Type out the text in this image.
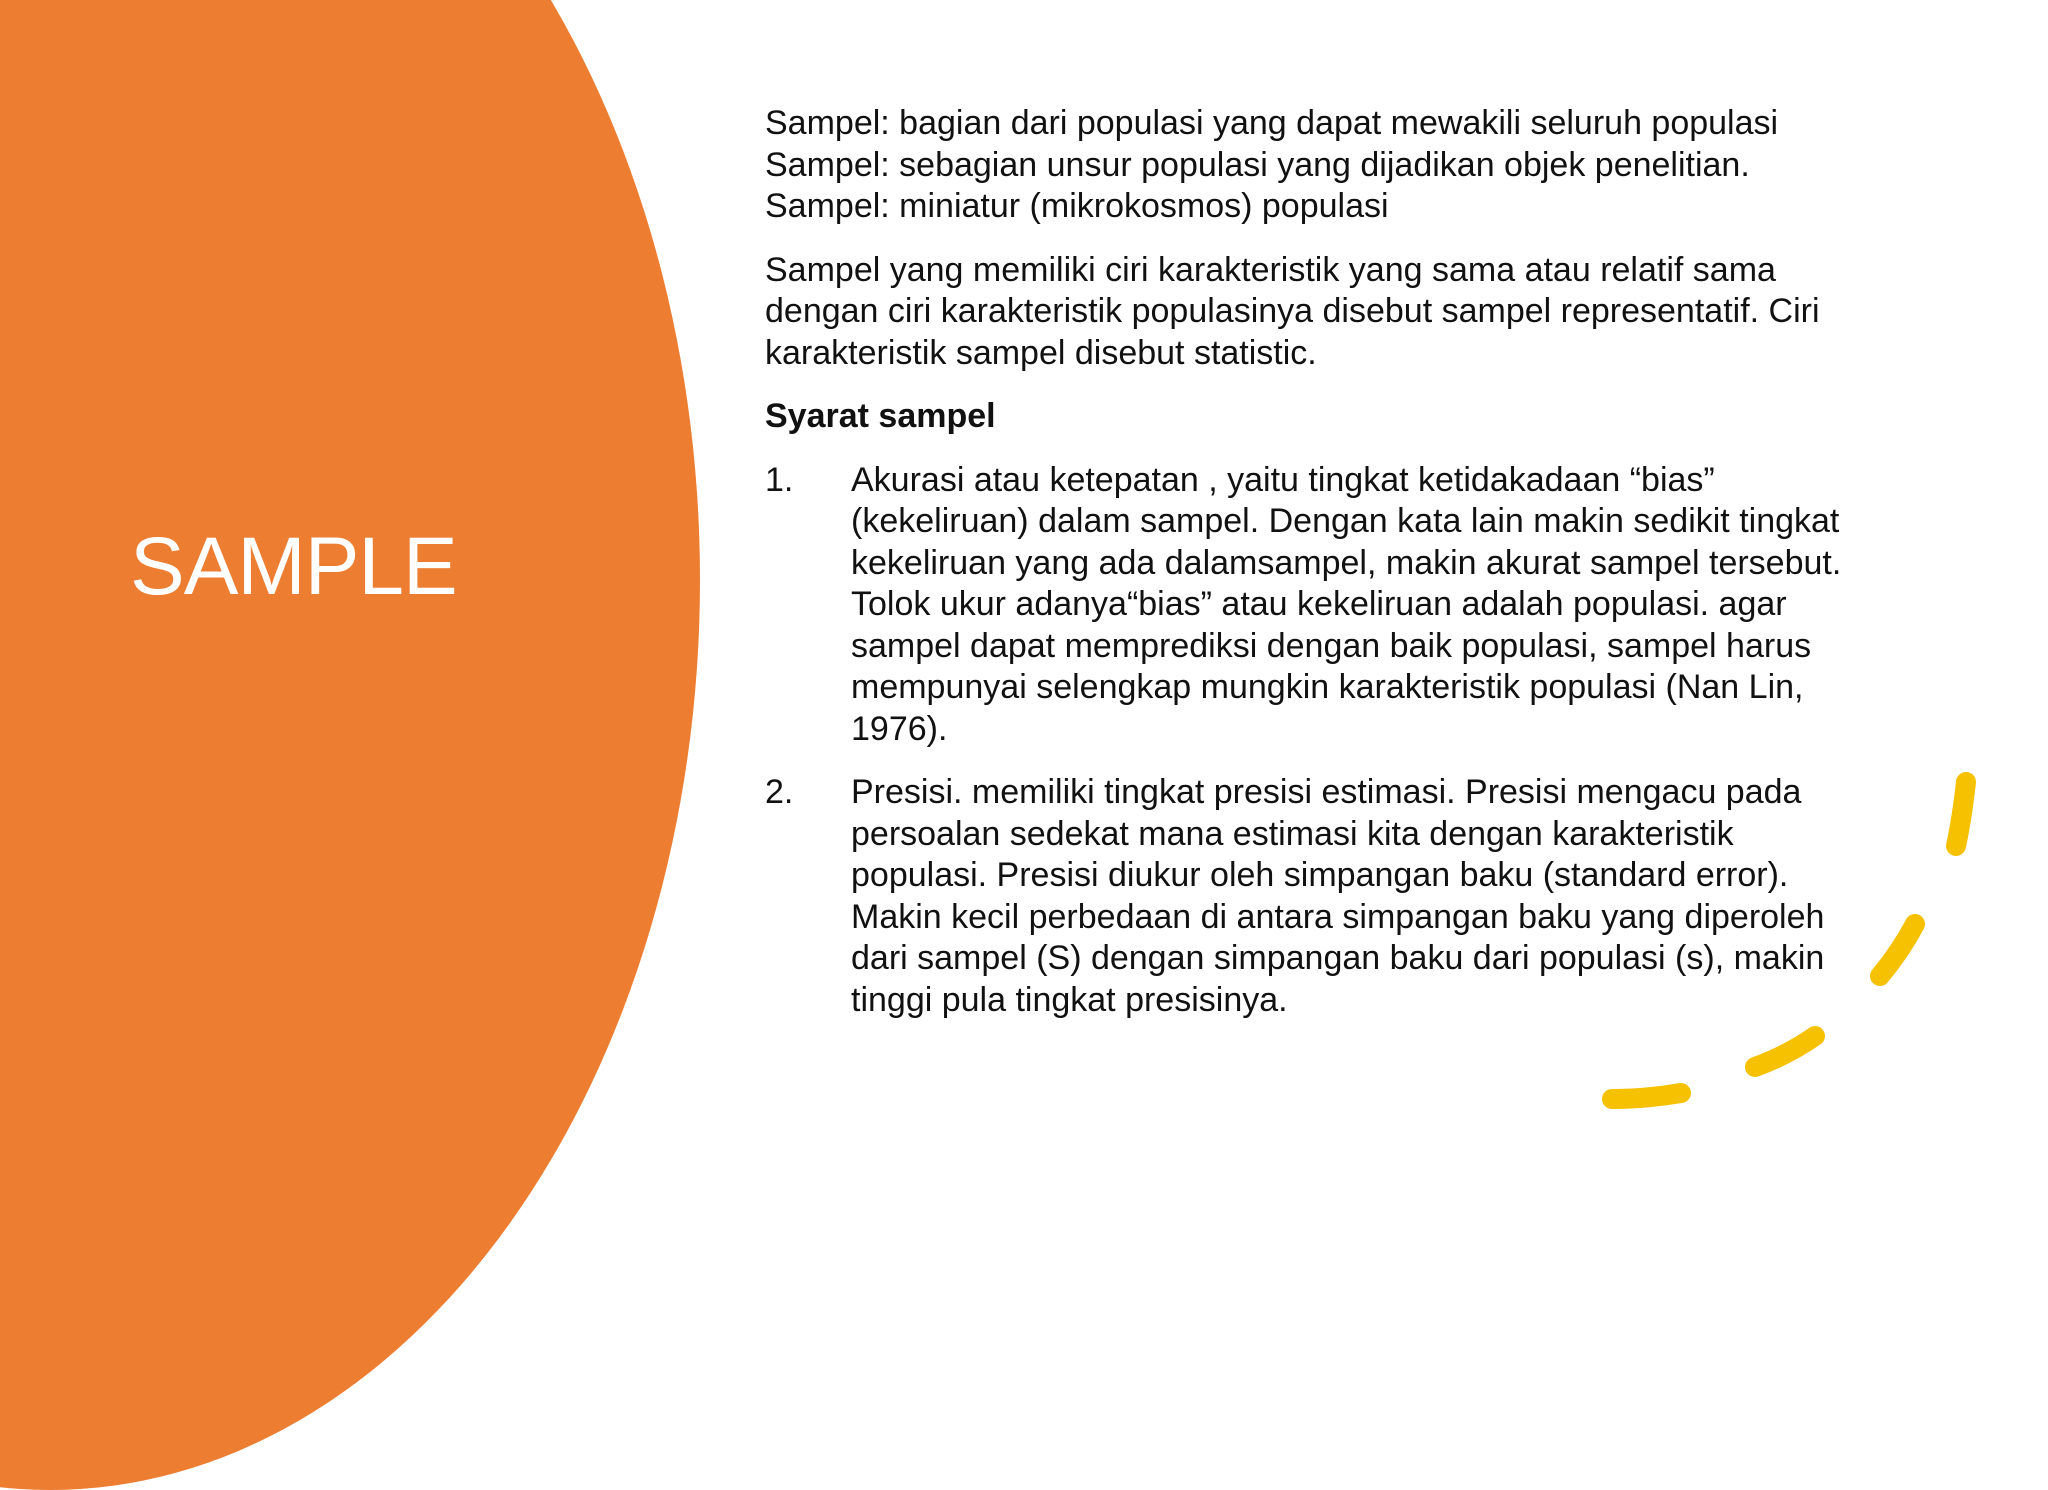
SAMPLE
Sampel: bagian dari populasi yang dapat mewakili seluruh populasi
Sampel: sebagian unsur populasi yang dijadikan objek penelitian.
Sampel: miniatur (mikrokosmos) populasi
Sampel yang memiliki ciri karakteristik yang sama atau relatif sama
dengan ciri karakteristik populasinya disebut sampel representatif. Ciri
karakteristik sampel disebut statistic.
Syarat sampel
1. Akurasi atau ketepatan , yaitu tingkat ketidakadaan “bias”
(kekeliruan) dalam sampel. Dengan kata lain makin sedikit tingkat
kekeliruan yang ada dalamsampel, makin akurat sampel tersebut.
Tolok ukur adanya“bias” atau kekeliruan adalah populasi. agar
sampel dapat memprediksi dengan baik populasi, sampel harus
mempunyai selengkap mungkin karakteristik populasi (Nan Lin,
1976).
2. Presisi. memiliki tingkat presisi estimasi. Presisi mengacu pada
persoalan sedekat mana estimasi kita dengan karakteristik
populasi. Presisi diukur oleh simpangan baku (standard error).
Makin kecil perbedaan di antara simpangan baku yang diperoleh
dari sampel (S) dengan simpangan baku dari populasi (s), makin
tinggi pula tingkat presisinya.
